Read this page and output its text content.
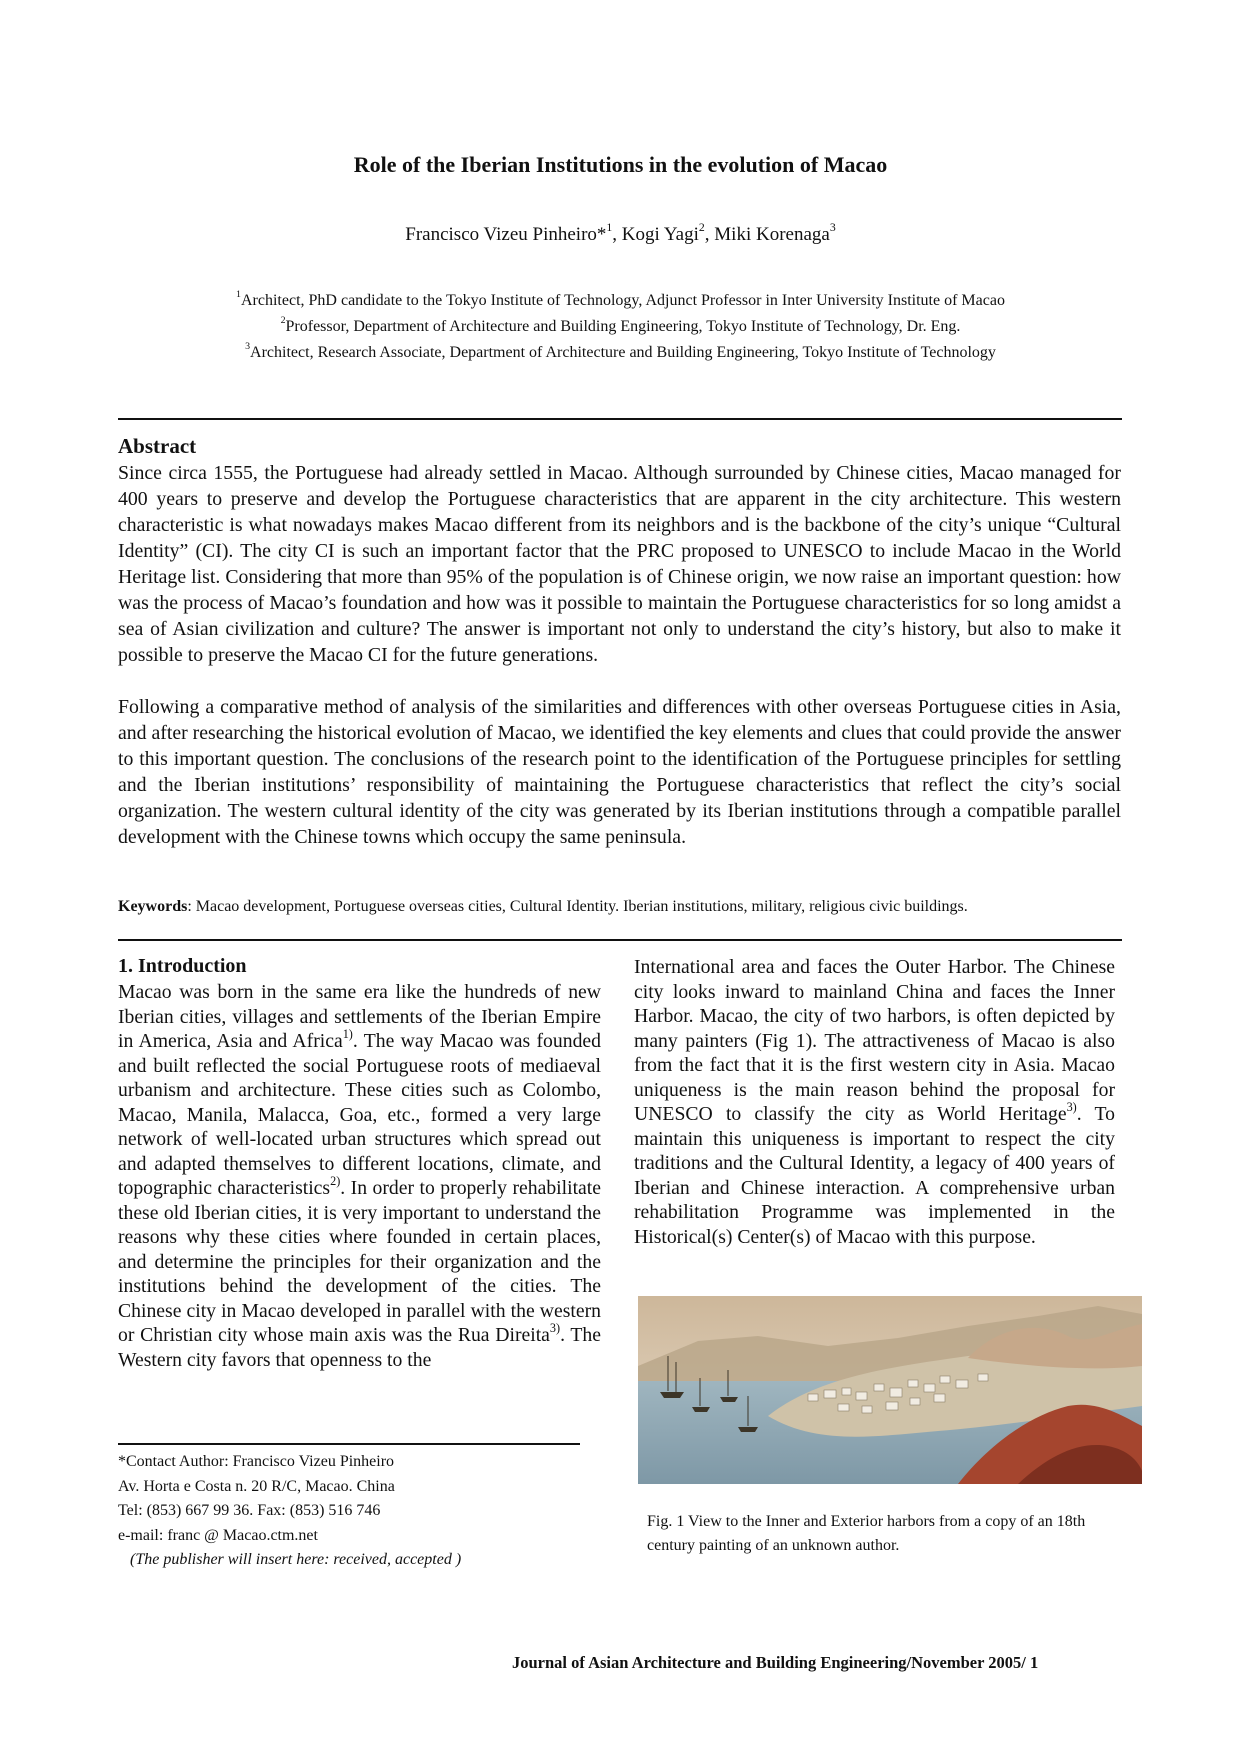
Role of the Iberian Institutions in the evolution of Macao
Francisco Vizeu Pinheiro*$^1$, Kogi Yagi$^2$, Miki Korenaga$^3$
$^1$Architect, PhD candidate to the Tokyo Institute of Technology, Adjunct Professor in Inter University Institute of Macao
$^2$Professor, Department of Architecture and Building Engineering, Tokyo Institute of Technology, Dr. Eng.
$^3$Architect, Research Associate, Department of Architecture and Building Engineering, Tokyo Institute of Technology
Abstract
Since circa 1555, the Portuguese had already settled in Macao. Although surrounded by Chinese cities, Macao managed for 400 years to preserve and develop the Portuguese characteristics that are apparent in the city architecture. This western characteristic is what nowadays makes Macao different from its neighbors and is the backbone of the city’s unique “Cultural Identity” (CI). The city CI is such an important factor that the PRC proposed to UNESCO to include Macao in the World Heritage list. Considering that more than 95% of the population is of Chinese origin, we now raise an important question: how was the process of Macao’s foundation and how was it possible to maintain the Portuguese characteristics for so long amidst a sea of Asian civilization and culture? The answer is important not only to understand the city’s history, but also to make it possible to preserve the Macao CI for the future generations.
Following a comparative method of analysis of the similarities and differences with other overseas Portuguese cities in Asia, and after researching the historical evolution of Macao, we identified the key elements and clues that could provide the answer to this important question. The conclusions of the research point to the identification of the Portuguese principles for settling and the Iberian institutions’ responsibility of maintaining the Portuguese characteristics that reflect the city’s social organization. The western cultural identity of the city was generated by its Iberian institutions through a compatible parallel development with the Chinese towns which occupy the same peninsula.
Keywords: Macao development, Portuguese overseas cities, Cultural Identity. Iberian institutions, military, religious civic buildings.
1. Introduction
Macao was born in the same era like the hundreds of new Iberian cities, villages and settlements of the Iberian Empire in America, Asia and Africa$^{1)}$. The way Macao was founded and built reflected the social Portuguese roots of mediaeval urbanism and architecture. These cities such as Colombo, Macao, Manila, Malacca, Goa, etc., formed a very large network of well-located urban structures which spread out and adapted themselves to different locations, climate, and topographic characteristics$^{2)}$. In order to properly rehabilitate these old Iberian cities, it is very important to understand the reasons why these cities where founded in certain places, and determine the principles for their organization and the institutions behind the development of the cities. The Chinese city in Macao developed in parallel with the western or Christian city whose main axis was the Rua Direita$^{3)}$. The Western city favors that openness to the
International area and faces the Outer Harbor. The Chinese city looks inward to mainland China and faces the Inner Harbor. Macao, the city of two harbors, is often depicted by many painters (Fig 1). The attractiveness of Macao is also from the fact that it is the first western city in Asia. Macao uniqueness is the main reason behind the proposal for UNESCO to classify the city as World Heritage$^{3)}$. To maintain this uniqueness is important to respect the city traditions and the Cultural Identity, a legacy of 400 years of Iberian and Chinese interaction. A comprehensive urban rehabilitation Programme was implemented in the Historical(s) Center(s) of Macao with this purpose.
*Contact Author: Francisco Vizeu Pinheiro
Av. Horta e Costa n. 20 R/C, Macao. China
Tel: (853) 667 99 36. Fax: (853) 516 746
e-mail: franc @ Macao.ctm.net
(The publisher will insert here: received, accepted )
Fig. 1 View to the Inner and Exterior harbors from a copy of an 18th century painting of an unknown author.
Journal of Asian Architecture and Building Engineering/November 2005/ 1
